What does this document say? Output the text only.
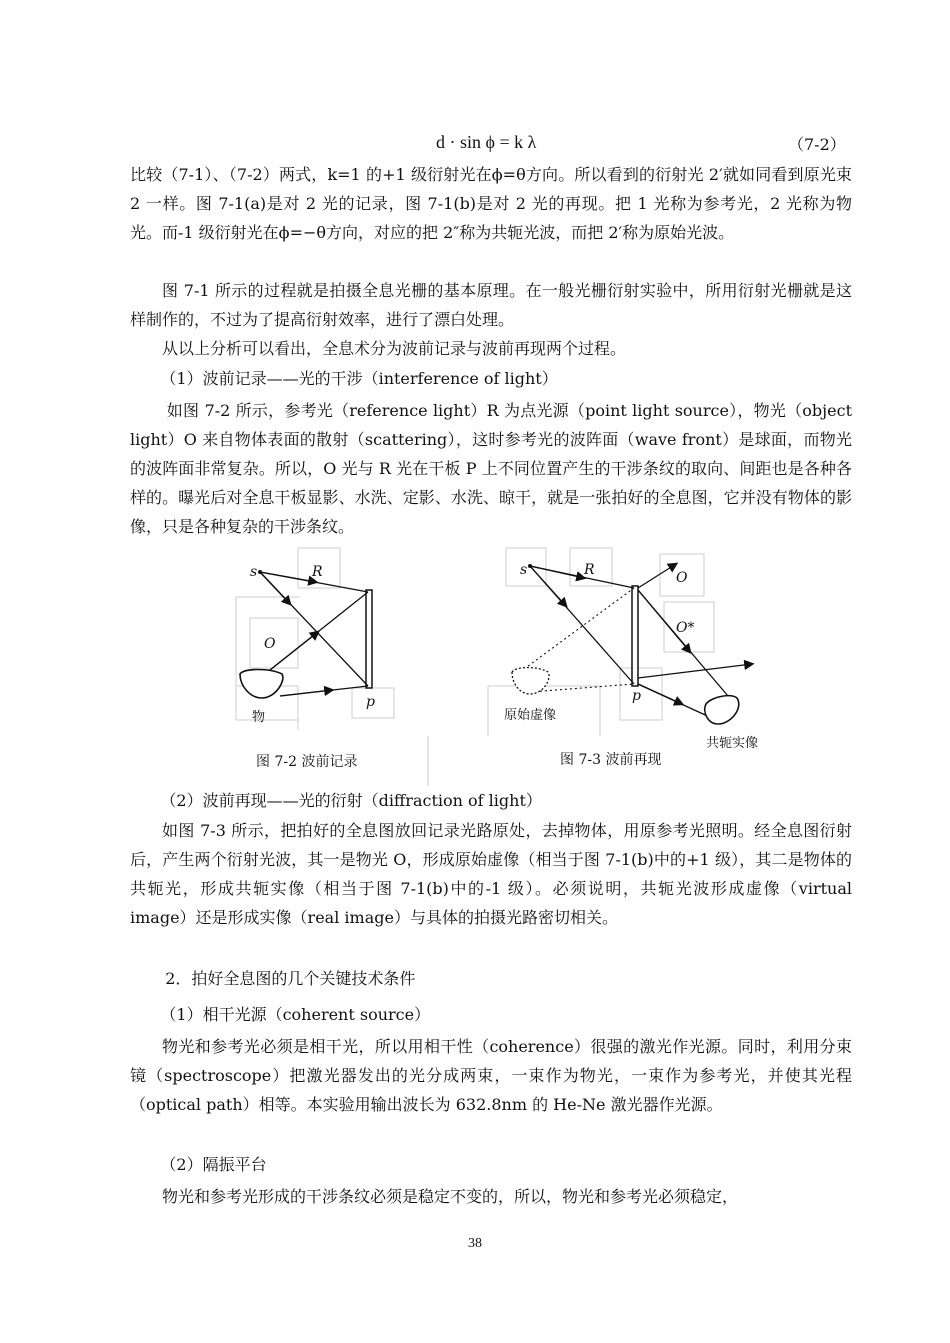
d · sin ϕ = k λ	（7-2）

比较（7-1）、（7-2）两式，k=1 的+1 级衍射光在ϕ=θ方向。所以看到的衍射光 2′就如同看到原光束 2 一样。图 7-1(a)是对 2 光的记录，图 7-1(b)是对 2 光的再现。把 1 光称为参考光，2 光称为物光。而-1 级衍射光在ϕ=−θ方向，对应的把 2″称为共轭光波，而把 2′称为原始光波。

图 7-1 所示的过程就是拍摄全息光栅的基本原理。在一般光栅衍射实验中，所用衍射光栅就是这样制作的，不过为了提高衍射效率，进行了漂白处理。

从以上分析可以看出，全息术分为波前记录与波前再现两个过程。
（1）波前记录——光的干涉（interference of light）

如图 7-2 所示，参考光（reference light）R 为点光源（point light source），物光（object light）O 来自物体表面的散射（scattering），这时参考光的波阵面（wave front）是球面，而物光的波阵面非常复杂。所以，O 光与 R 光在干板 P 上不同位置产生的干涉条纹的取向、间距也是各种各样的。曝光后对全息干板显影、水洗、定影、水洗、晾干，就是一张拍好的全息图，它并没有物体的影像，只是各种复杂的干涉条纹。

s	R
O
p
物
图 7-2 波前记录
s	R	O
O*
p
原始虚像
共轭实像
图 7-3 波前再现
（2）波前再现——光的衍射（diffraction of light）

如图 7-3 所示，把拍好的全息图放回记录光路原处，去掉物体，用原参考光照明。经全息图衍射后，产生两个衍射光波，其一是物光 O，形成原始虚像（相当于图 7-1(b)中的+1 级），其二是物体的共轭光，形成共轭实像（相当于图 7-1(b)中的-1 级）。必须说明，共轭光波形成虚像（virtual image）还是形成实像（real image）与具体的拍摄光路密切相关。

2．拍好全息图的几个关键技术条件
（1）相干光源（coherent source）

物光和参考光必须是相干光，所以用相干性（coherence）很强的激光作光源。同时，利用分束镜（spectroscope）把激光器发出的光分成两束，一束作为物光，一束作为参考光，并使其光程（optical path）相等。本实验用输出波长为 632.8nm 的 He-Ne 激光器作光源。

（2）隔振平台
物光和参考光形成的干涉条纹必须是稳定不变的，所以，物光和参考光必须稳定，
38
